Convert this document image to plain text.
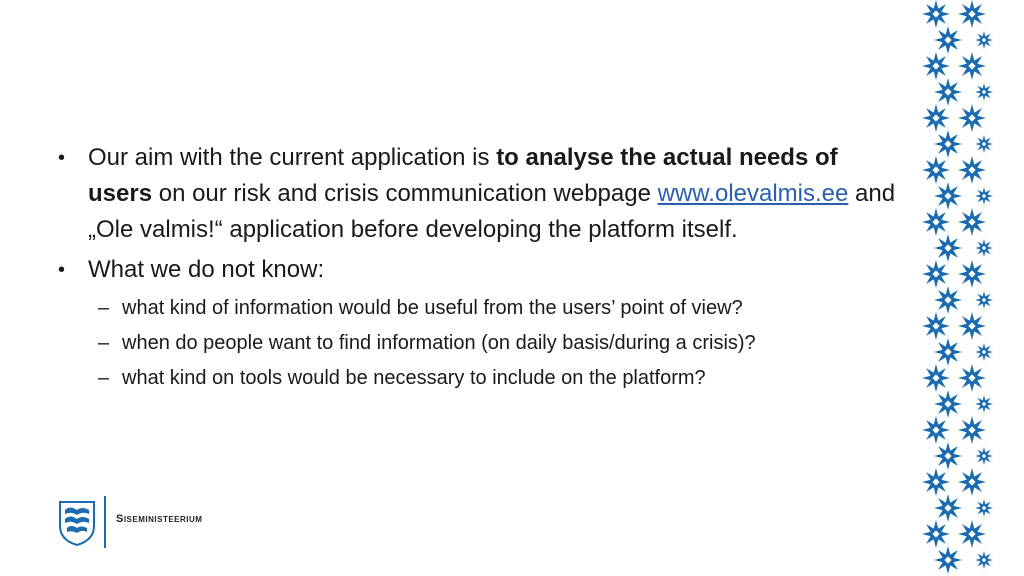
• Our aim with the current application is to analyse the actual needs of users on our risk and crisis communication webpage www.olevalmis.ee and „Ole valmis!“ application before developing the platform itself.
• What we do not know:
– what kind of information would be useful from the users’ point of view?
– when do people want to find information (on daily basis/during a crisis)?
– what kind on tools would be necessary to include on the platform?
Siseministeerium
